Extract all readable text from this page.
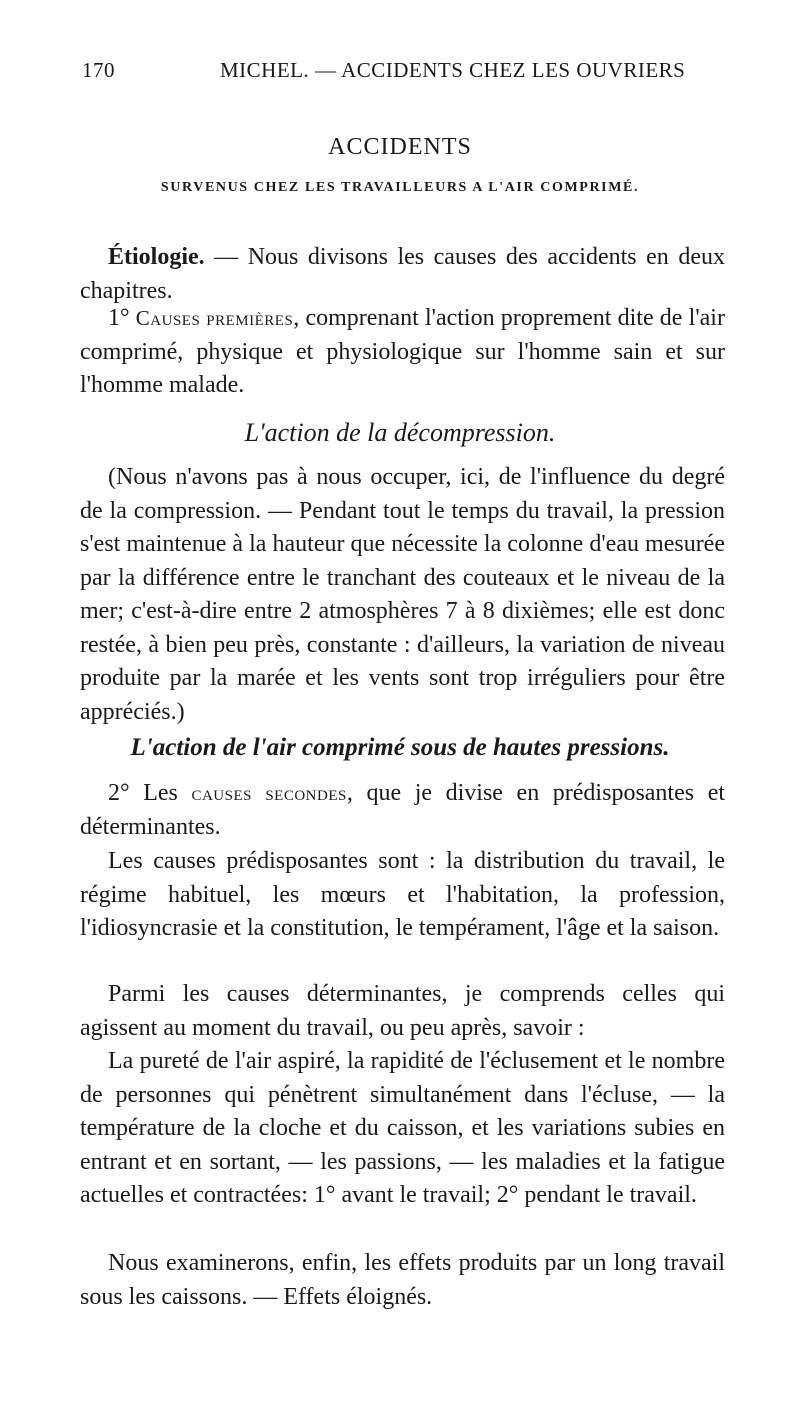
170	MICHEL. — ACCIDENTS CHEZ LES OUVRIERS
ACCIDENTS
SURVENUS CHEZ LES TRAVAILLEURS A L'AIR COMPRIMÉ.
Étiologie. — Nous divisons les causes des accidents en deux chapitres.
1° Causes premières, comprenant l'action proprement dite de l'air comprimé, physique et physiologique sur l'homme sain et sur l'homme malade.
L'action de la décompression.
(Nous n'avons pas à nous occuper, ici, de l'influence du degré de la compression. — Pendant tout le temps du travail, la pression s'est maintenue à la hauteur que nécessite la colonne d'eau mesurée par la différence entre le tranchant des couteaux et le niveau de la mer; c'est-à-dire entre 2 atmosphères 7 à 8 dixièmes; elle est donc restée, à bien peu près, constante : d'ailleurs, la variation de niveau produite par la marée et les vents sont trop irréguliers pour être appréciés.)
L'action de l'air comprimé sous de hautes pressions.
2° Les causes secondes, que je divise en prédisposantes et déterminantes.
Les causes prédisposantes sont : la distribution du travail, le régime habituel, les mœurs et l'habitation, la profession, l'idiosyncrasie et la constitution, le tempérament, l'âge et la saison.
Parmi les causes déterminantes, je comprends celles qui agissent au moment du travail, ou peu après, savoir :
La pureté de l'air aspiré, la rapidité de l'éclusement et le nombre de personnes qui pénètrent simultanément dans l'écluse, — la température de la cloche et du caisson, et les variations subies en entrant et en sortant, — les passions, — les maladies et la fatigue actuelles et contractées: 1° avant le travail; 2° pendant le travail.
Nous examinerons, enfin, les effets produits par un long travail sous les caissons. — Effets éloignés.
